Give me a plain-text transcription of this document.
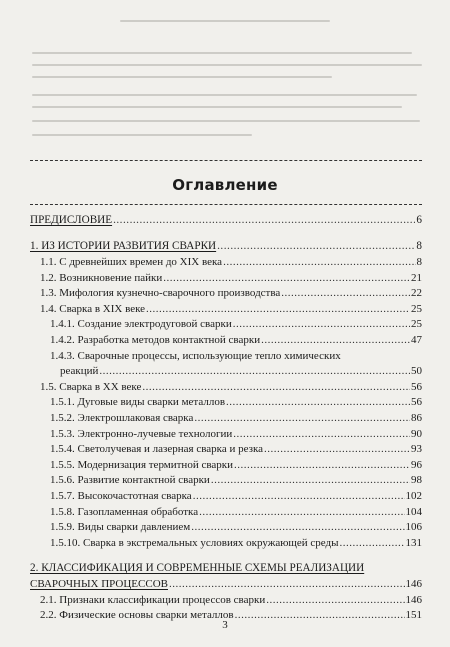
Оглавление
ПРЕДИСЛОВИЕ .....	6
1. ИЗ ИСТОРИИ РАЗВИТИЯ СВАРКИ .....	8
1.1. С древнейших времен до XIX века .....	8
1.2. Возникновение пайки .....	21
1.3. Мифология кузнечно-сварочного производства .....	22
1.4. Сварка в XIX веке .....	25
1.4.1. Создание электродуговой сварки .....	25
1.4.2. Разработка методов контактной сварки .....	47
1.4.3. Сварочные процессы, использующие тепло химических
реакций .....	50
1.5. Сварка в XX веке .....	56
1.5.1. Дуговые виды сварки металлов .....	56
1.5.2. Электрошлаковая сварка .....	86
1.5.3. Электронно-лучевые технологии .....	90
1.5.4. Светолучевая и лазерная сварка и резка .....	93
1.5.5. Модернизация термитной сварки .....	96
1.5.6. Развитие контактной сварки .....	98
1.5.7. Высокочастотная сварка .....	102
1.5.8. Газопламенная обработка .....	104
1.5.9. Виды сварки давлением .....	106
1.5.10. Сварка в экстремальных условиях окружающей среды .....	131
2. КЛАССИФИКАЦИЯ И СОВРЕМЕННЫЕ СХЕМЫ РЕАЛИЗАЦИИ
СВАРОЧНЫХ ПРОЦЕССОВ .....	146
2.1. Признаки классификации процессов сварки .....	146
2.2. Физические основы сварки металлов .....	151
3
